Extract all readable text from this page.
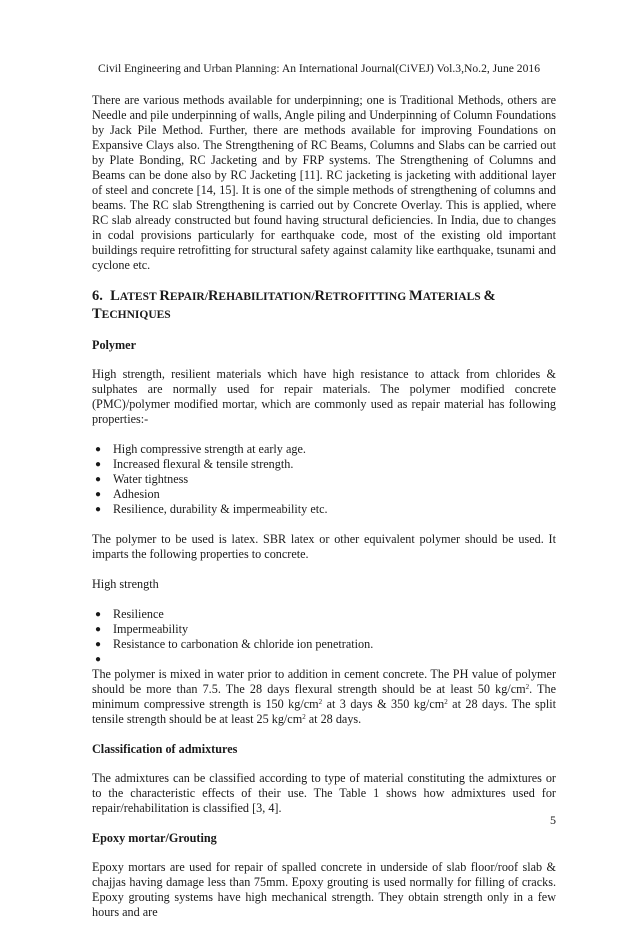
Civil Engineering and Urban Planning: An International Journal(CiVEJ) Vol.3,No.2, June 2016

There are various methods available for underpinning; one is Traditional Methods, others are Needle and pile underpinning of walls, Angle piling and Underpinning of Column Foundations by Jack Pile Method. Further, there are methods available for improving Foundations on Expansive Clays also. The Strengthening of RC Beams, Columns and Slabs can be carried out by Plate Bonding, RC Jacketing and by FRP systems. The Strengthening of Columns and Beams can be done also by RC Jacketing [11]. RC jacketing is jacketing with additional layer of steel and concrete [14, 15]. It is one of the simple methods of strengthening of columns and beams. The RC slab Strengthening is carried out by Concrete Overlay. This is applied, where RC slab already constructed but found having structural deficiencies. In India, due to changes in codal provisions particularly for earthquake code, most of the existing old important buildings require retrofitting for structural safety against calamity like earthquake, tsunami and cyclone etc.

6. LATEST REPAIR/REHABILITATION/RETROFITTING MATERIALS &
TECHNIQUES
Polymer

High strength, resilient materials which have high resistance to attack from chlorides & sulphates are normally used for repair materials. The polymer modified concrete (PMC)/polymer modified mortar, which are commonly used as repair material has following properties:-

● High compressive strength at early age.
● Increased flexural & tensile strength.
● Water tightness
● Adhesion
● Resilience, durability & impermeability etc.

The polymer to be used is latex. SBR latex or other equivalent polymer should be used. It imparts the following properties to concrete.

High strength

● Resilience
● Impermeability
● Resistance to carbonation & chloride ion penetration.
●

The polymer is mixed in water prior to addition in cement concrete. The PH value of polymer should be more than 7.5. The 28 days flexural strength should be at least 50 $kg/cm^2$. The minimum compressive strength is 150 $kg/cm^2$ at 3 days & 350 $kg/cm^2$ at 28 days. The split tensile strength should be at least 25 $kg/cm^2$ at 28 days.

Classification of admixtures

The admixtures can be classified according to type of material constituting the admixtures or to the characteristic effects of their use. The Table 1 shows how admixtures used for repair/rehabilitation is classified [3, 4].

Epoxy mortar/Grouting

Epoxy mortars are used for repair of spalled concrete in underside of slab floor/roof slab & chajjas having damage less than 75mm. Epoxy grouting is used normally for filling of cracks. Epoxy grouting systems have high mechanical strength. They obtain strength only in a few hours and are

5
